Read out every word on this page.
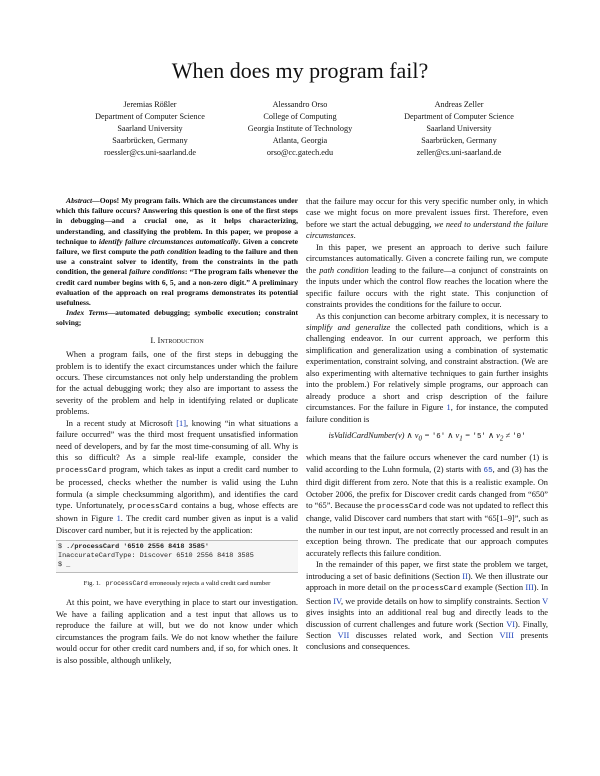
When does my program fail?
Jeremias Rößler
Department of Computer Science
Saarland University
Saarbrücken, Germany
roessler@cs.uni-saarland.de
Alessandro Orso
College of Computing
Georgia Institute of Technology
Atlanta, Georgia
orso@cc.gatech.edu
Andreas Zeller
Department of Computer Science
Saarland University
Saarbrücken, Germany
zeller@cs.uni-saarland.de

Abstract—Oops! My program fails. Which are the circumstances under which this failure occurs? Answering this question is one of the first steps in debugging—and a crucial one, as it helps characterizing, understanding, and classifying the problem. In this paper, we propose a technique to identify failure circumstances automatically. Given a concrete failure, we first compute the path condition leading to the failure and then use a constraint solver to identify, from the constraints in the path condition, the general failure conditions: “The program fails whenever the credit card number begins with 6, 5, and a non-zero digit.” A preliminary evaluation of the approach on real programs demonstrates its potential usefulness.

Index Terms—automated debugging; symbolic execution; constraint solving;

I. Introduction

When a program fails, one of the first steps in debugging the problem is to identify the exact circumstances under which the failure occurs. These circumstances not only help understanding the problem for the actual debugging work; they also are important to assess the severity of the problem and help in identifying related or duplicate problems.

In a recent study at Microsoft [1], knowing “in what situations a failure occurred” was the third most frequent unsatisfied information need of developers, and by far the most time-consuming of all. Why is this so difficult? As a simple real-life example, consider the processCard program, which takes as input a credit card number to be processed, checks whether the number is valid using the Luhn formula (a simple checksumming algorithm), and identifies the card type. Unfortunately, processCard contains a bug, whose effects are shown in Figure 1. The credit card number given as input is a valid Discover card number, but it is rejected by the application:

$ ./processCard '6510 2556 8418 3585'
InaccurateCardType: Discover 6510 2556 8418 3585
$ _
Fig. 1. processCard erroneously rejects a valid credit card number

At this point, we have everything in place to start our investigation. We have a failing application and a test input that allows us to reproduce the failure at will, but we do not know under which circumstances the program fails. We do not know whether the failure would occur for other credit card numbers and, if so, for which ones. It is also possible, although unlikely,

that the failure may occur for this very specific number only, in which case we might focus on more prevalent issues first. Therefore, even before we start the actual debugging, we need to understand the failure circumstances.

In this paper, we present an approach to derive such failure circumstances automatically. Given a concrete failing run, we compute the path condition leading to the failure—a conjunct of constraints on the inputs under which the control flow reaches the location where the specific failure occurs with the right state. This conjunction of constraints provides the conditions for the failure to occur.

As this conjunction can become arbitrary complex, it is necessary to simplify and generalize the collected path conditions, which is a challenging endeavor. In our current approach, we perform this simplification and generalization using a combination of systematic experimentation, constraint solving, and constraint abstraction. (We are also experimenting with alternative techniques to gain further insights into the problem.) For relatively simple programs, our approach can already produce a short and crisp description of the failure circumstances. For the failure in Figure 1, for instance, the computed failure condition is

isValidCardNumber(v) ∧ $v_0$ = '6' ∧ $v_1$ = '5' ∧ $v_2$ ≠ '0'

which means that the failure occurs whenever the card number (1) is valid according to the Luhn formula, (2) starts with 65, and (3) has the third digit different from zero. Note that this is a realistic example. On October 2006, the prefix for Discover credit cards changed from “650” to “65”. Because the processCard code was not updated to reflect this change, valid Discover card numbers that start with “65[1–9]”, such as the number in our test input, are not correctly processed and result in an exception being thrown. The predicate that our approach computes accurately reflects this failure condition.

In the remainder of this paper, we first state the problem we target, introducing a set of basic definitions (Section II). We then illustrate our approach in more detail on the processCard example (Section III). In Section IV, we provide details on how to simplify constraints. Section V gives insights into an additional real bug and directly leads to the discussion of current challenges and future work (Section VI). Finally, Section VII discusses related work, and Section VIII presents conclusions and consequences.
